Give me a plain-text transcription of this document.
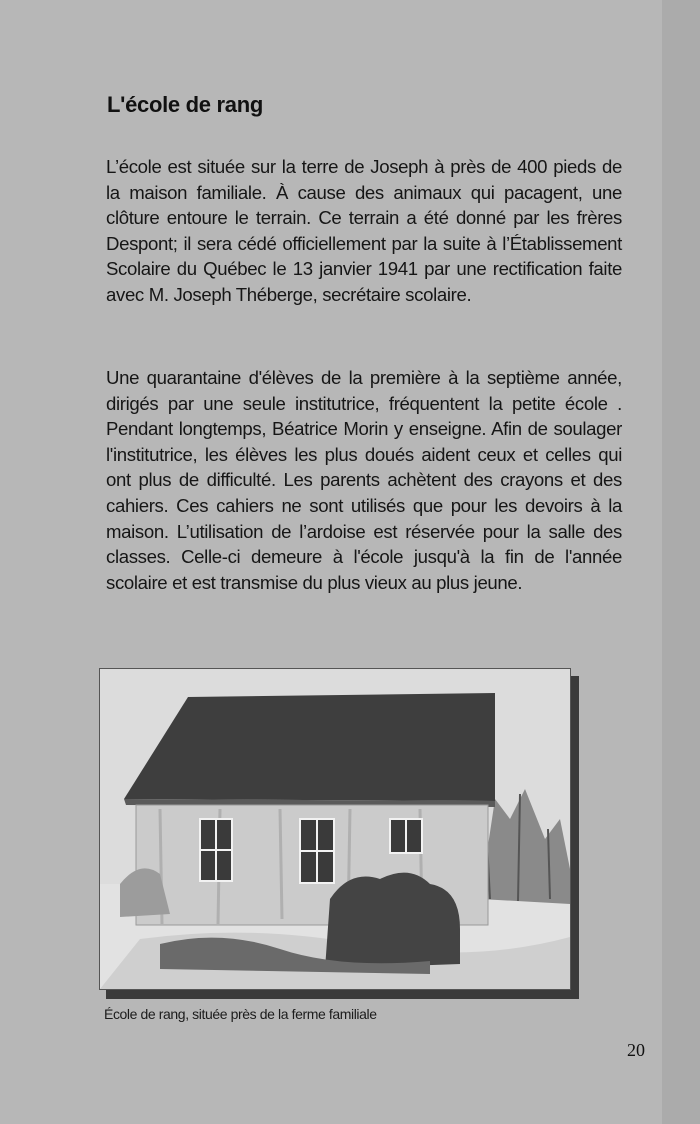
L'école de rang

L’école est située sur la terre de Joseph à près de 400 pieds de la maison familiale. À cause des animaux qui pacagent, une clôture entoure le terrain. Ce terrain a été donné par les frères Despont; il sera cédé officiellement par la suite à l’Établissement Scolaire du Québec le 13 janvier 1941 par une rectification faite avec M. Joseph Théberge, secrétaire scolaire.

Une quarantaine d'élèves de la première à la septième année, dirigés par une seule institutrice, fréquentent la petite école . Pendant longtemps, Béatrice Morin y enseigne. Afin de soulager l'institutrice, les élèves les plus doués aident ceux et celles qui ont plus de difficulté. Les parents achètent des crayons et des cahiers. Ces cahiers ne sont utilisés que pour les devoirs à la maison. L’utilisation de l’ardoise est réservée pour la salle des classes. Celle-ci demeure à l'école jusqu'à la fin de l'année scolaire et est transmise du plus vieux au plus jeune.

École de rang, située près de la ferme familiale
20
